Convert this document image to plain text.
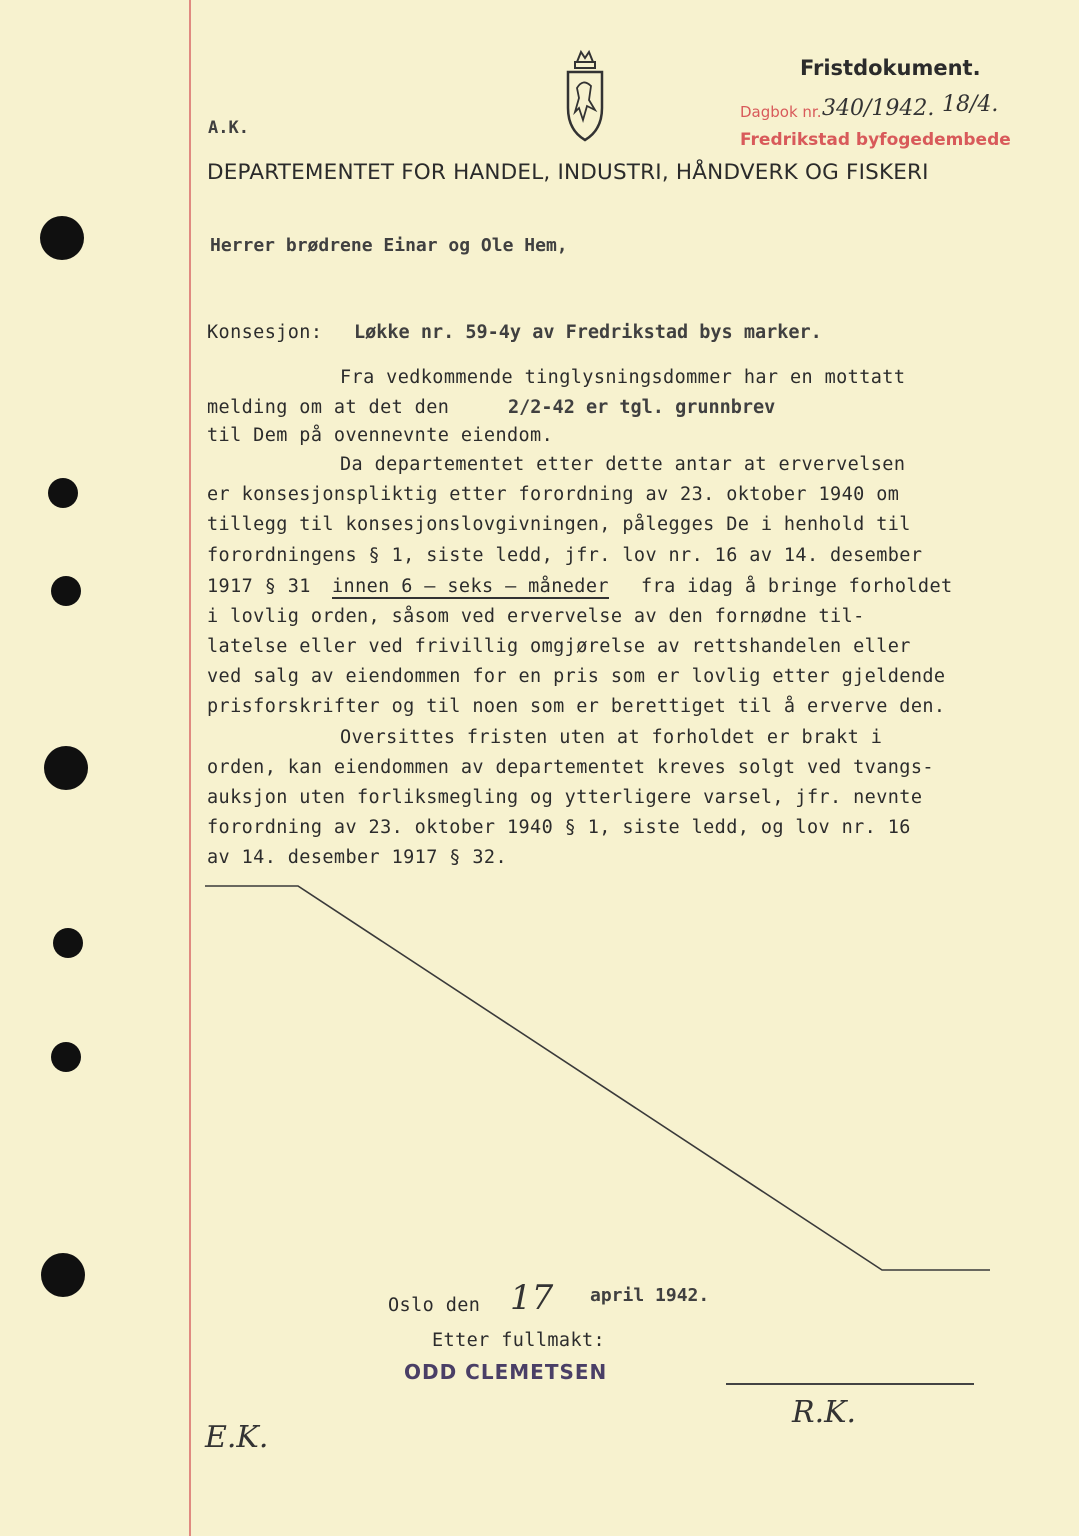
Fristdokument.
Dagbok nr. 340 /1942. 18/4.
Fredrikstad byfogedembede
A.K.
DEPARTEMENTET FOR HANDEL, INDUSTRI, HÅNDVERK OG FISKERI
Herrer brødrene Einar og Ole Hem,
Konsesjon: Løkke nr. 59-4y av Fredrikstad bys marker.
Fra vedkommende tinglysningsdommer har en mottatt
melding om at det den	2/2-42 er tgl. grunnbrev
til Dem på ovennevnte eiendom.
Da departementet etter dette antar at ervervelsen
er konsesjonspliktig etter forordning av 23. oktober 1940 om
tillegg til konsesjonslovgivningen, pålegges De i henhold til
forordningens § 1, siste ledd, jfr. lov nr. 16 av 14. desember
1917 § 31 innen 6 – seks – måneder fra idag å bringe forholdet
i lovlig orden, såsom ved ervervelse av den fornødne til-
latelse eller ved frivillig omgjørelse av rettshandelen eller
ved salg av eiendommen for en pris som er lovlig etter gjeldende
prisforskrifter og til noen som er berettiget til å erverve den.
Oversittes fristen uten at forholdet er brakt i
orden, kan eiendommen av departementet kreves solgt ved tvangs-
auksjon uten forliksmegling og ytterligere varsel, jfr. nevnte
forordning av 23. oktober 1940 § 1, siste ledd, og lov nr. 16
av 14. desember 1917 § 32.
Oslo den 17 april 1942.
Etter fullmakt:
ODD CLEMETSEN
R.K.
E.K.
